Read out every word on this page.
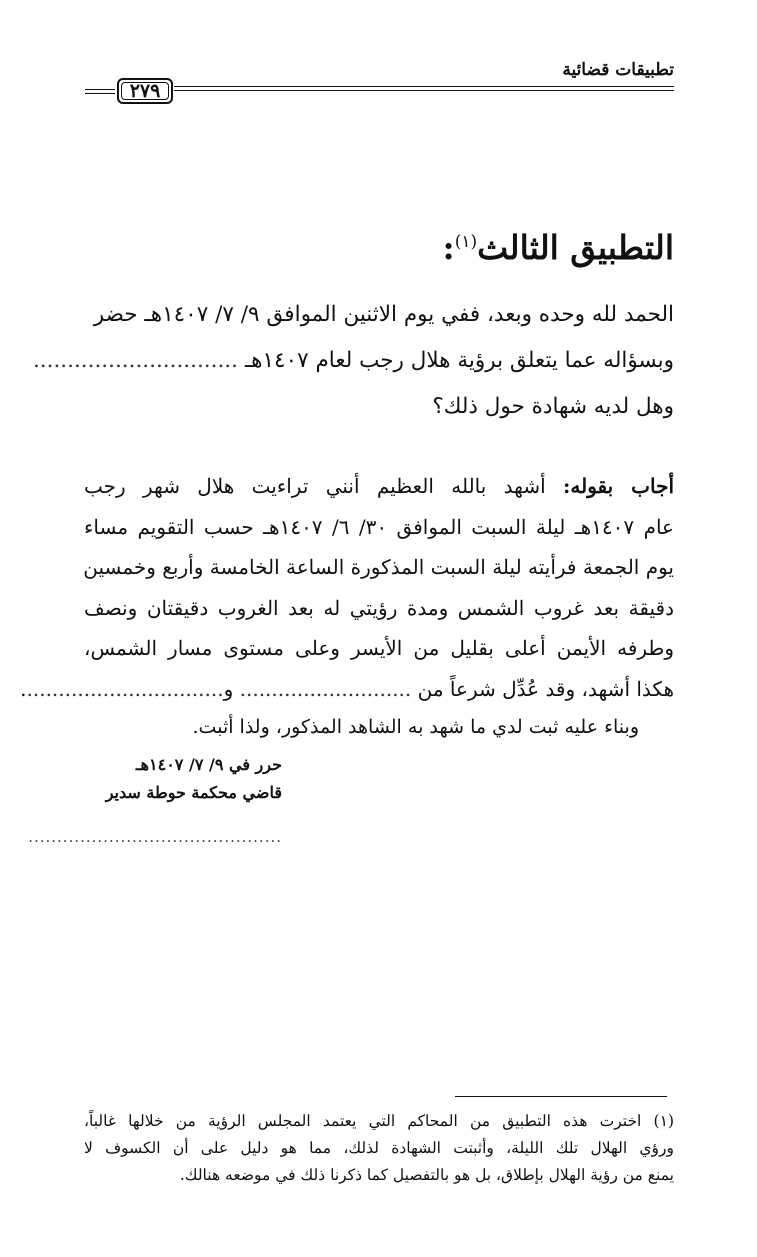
تطبيقات قضائية
٢٧٩
التطبيق الثالث$^{(١)}$:
الحمد لله وحده وبعد، ففي يوم الاثنين الموافق ٩/ ٧/ ١٤٠٧هـ حضر
وبسؤاله عما يتعلق برؤية هلال رجب لعام ١٤٠٧هـ ..............................
وهل لديه شهادة حول ذلك؟
أجاب بقوله: أشهد بالله العظيم أنني تراءيت هلال شهر رجب
عام ١٤٠٧هـ ليلة السبت الموافق ٣٠/ ٦/ ١٤٠٧هـ حسب التقويم مساء
يوم الجمعة فرأيته ليلة السبت المذكورة الساعة الخامسة وأربع وخمسين
دقيقة بعد غروب الشمس ومدة رؤيتي له بعد الغروب دقيقتان ونصف
وطرفه الأيمن أعلى بقليل من الأيسر وعلى مستوى مسار الشمس،
هكذا أشهد، وقد عُدِّل شرعاً من ........................... و................................
وبناء عليه ثبت لدي ما شهد به الشاهد المذكور، ولذا أثبت.
حرر في ٩/ ٧/ ١٤٠٧هـ
قاضي محكمة حوطة سدير
............................................
(١) اخترت هذه التطبيق من المحاكم التي يعتمد المجلس الرؤية من خلالها غالباً،
ورؤي الهلال تلك الليلة، وأثبتت الشهادة لذلك، مما هو دليل على أن الكسوف لا
يمنع من رؤية الهلال بإطلاق، بل هو بالتفصيل كما ذكرنا ذلك في موضعه هنالك.
